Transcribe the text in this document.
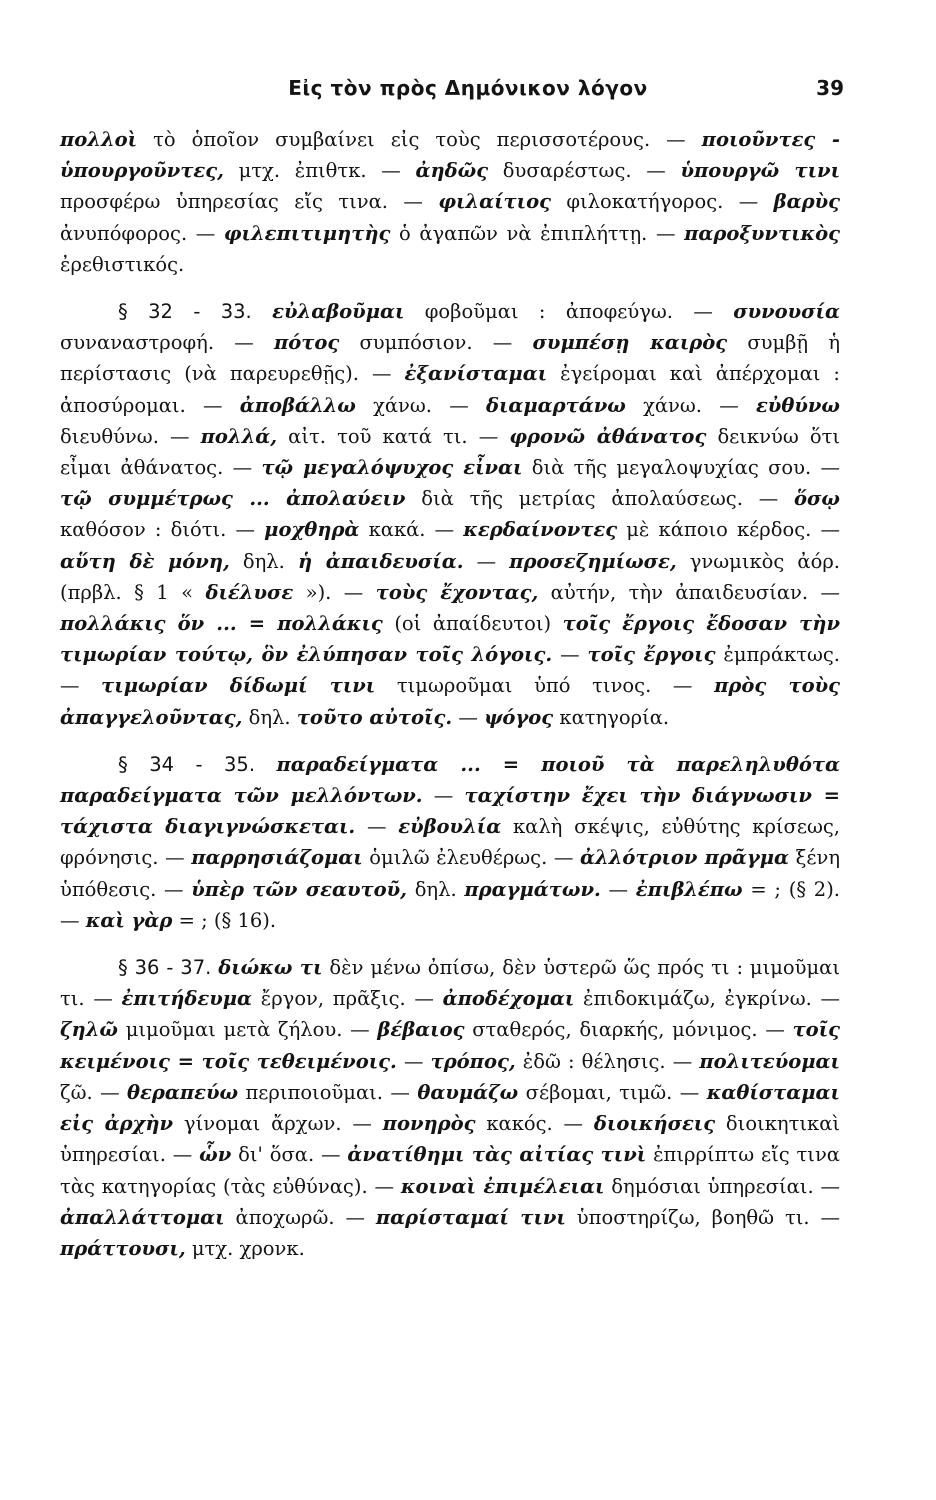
Εἰς τὸν πρὸς Δημόνικον λόγον	39

πολλοὶ τὸ ὁποῖον συμβαίνει εἰς τοὺς περισσοτέρους. — ποιοῦντες - ὑπουργοῦντες, μτχ. ἐπιθτκ. — ἀηδῶς δυσαρέστως. — ὑπουργῶ τινι προσφέρω ὑπηρεσίας εἴς τινα. — φιλαίτιος φιλοκατήγορος. — βαρὺς ἀνυπόφορος. — φιλεπιτιμητὴς ὁ ἀγαπῶν νὰ ἐπιπλήττῃ. — παροξυντικὸς ἐρεθιστικός.

§ 32 - 33. εὐλαβοῦμαι φοβοῦμαι : ἀποφεύγω. — συνουσία συναναστροφή. — πότος συμπόσιον. — συμπέσῃ καιρὸς συμβῇ ἡ περίστασις (νὰ παρευρεθῇς). — ἐξανίσταμαι ἐγείρομαι καὶ ἀπέρχομαι : ἀποσύρομαι. — ἀποβάλλω χάνω. — διαμαρτάνω χάνω. — εὐθύνω διευθύνω. — πολλά, αἰτ. τοῦ κατά τι. — φρονῶ ἀθάνατος δεικνύω ὅτι εἶμαι ἀθάνατος. — τῷ μεγαλόψυχος εἶναι διὰ τῆς μεγαλοψυχίας σου. — τῷ συμμέτρως ... ἀπολαύειν διὰ τῆς μετρίας ἀπολαύσεως. — ὅσῳ καθόσον : διότι. — μοχθηρὰ κακά. — κερδαίνοντες μὲ κάποιο κέρδος. — αὕτη δὲ μόνη, δηλ. ἡ ἀπαιδευσία. — προσεζημίωσε, γνωμικὸς ἀόρ. (πρβλ. § 1 « διέλυσε »). — τοὺς ἔχοντας, αὐτήν, τὴν ἀπαιδευσίαν. — πολλάκις ὅν ... = πολλάκις (οἱ ἀπαίδευτοι) τοῖς ἔργοις ἔδοσαν τὴν τιμωρίαν τούτῳ, ὃν ἐλύπησαν τοῖς λόγοις. — τοῖς ἔργοις ἐμπράκτως. — τιμωρίαν δίδωμί τινι τιμωροῦμαι ὑπό τινος. — πρὸς τοὺς ἀπαγγελοῦντας, δηλ. τοῦτο αὐτοῖς. — ψόγος κατηγορία.

§ 34 - 35. παραδείγματα ... = ποιοῦ τὰ παρεληλυθότα παραδείγματα τῶν μελλόντων. — ταχίστην ἔχει τὴν διάγνωσιν = τάχιστα διαγιγνώσκεται. — εὐβουλία καλὴ σκέψις, εὐθύτης κρίσεως, φρόνησις. — παρρησιάζομαι ὁμιλῶ ἐλευθέρως. — ἀλλότριον πρᾶγμα ξένη ὑπόθεσις. — ὑπὲρ τῶν σεαυτοῦ, δηλ. πραγμάτων. — ἐπιβλέπω = ; (§ 2). — καὶ γὰρ = ; (§ 16).

§ 36 - 37. διώκω τι δὲν μένω ὀπίσω, δὲν ὑστερῶ ὥς πρός τι : μιμοῦμαι τι. — ἐπιτήδευμα ἔργον, πρᾶξις. — ἀποδέχομαι ἐπιδοκιμάζω, ἐγκρίνω. — ζηλῶ μιμοῦμαι μετὰ ζήλου. — βέβαιος σταθερός, διαρκής, μόνιμος. — τοῖς κειμένοις = τοῖς τεθειμένοις. — τρόπος, ἐδῶ : θέλησις. — πολιτεύομαι ζῶ. — θεραπεύω περιποιοῦμαι. — θαυμάζω σέβομαι, τιμῶ. — καθίσταμαι εἰς ἀρχὴν γίνομαι ἄρχων. — πονηρὸς κακός. — διοικήσεις διοικητικαὶ ὑπηρεσίαι. — ὧν δι' ὅσα. — ἀνατίθημι τὰς αἰτίας τινὶ ἐπιρρίπτω εἴς τινα τὰς κατηγορίας (τὰς εὐθύνας). — κοιναὶ ἐπιμέλειαι δημόσιαι ὑπηρεσίαι. — ἀπαλλάττομαι ἀποχωρῶ. — παρίσταμαί τινι ὑποστηρίζω, βοηθῶ τι. — πράττουσι, μτχ. χρονκ.
